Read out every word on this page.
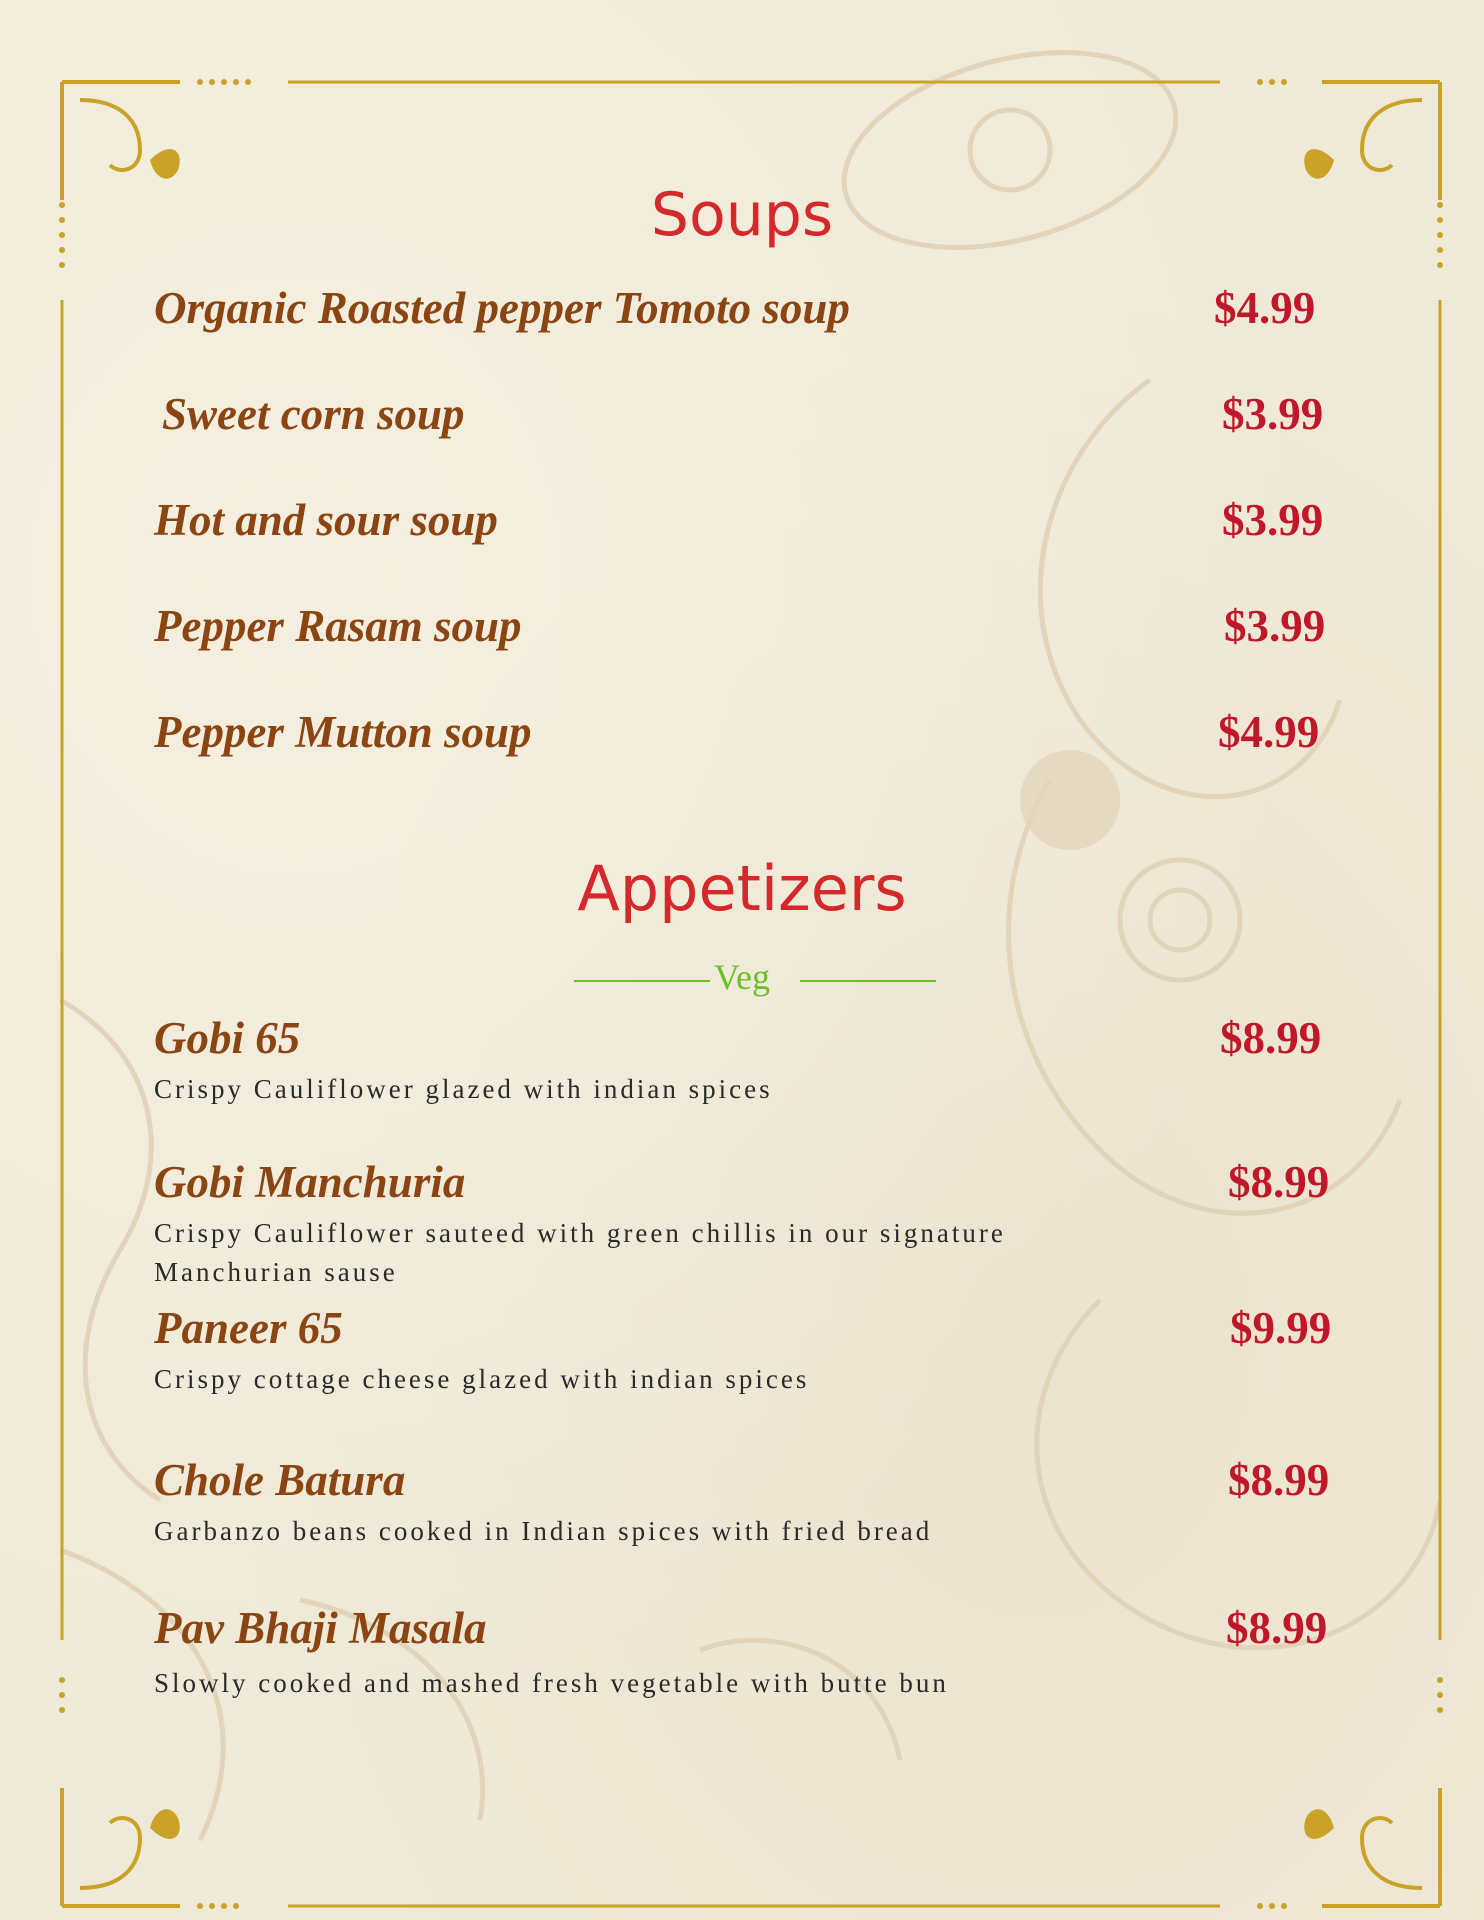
Soups
Organic Roasted pepper Tomoto soup	$4.99
Sweet corn soup	$3.99
Hot and sour soup	$3.99
Pepper Rasam soup	$3.99
Pepper Mutton soup	$4.99
Appetizers
Veg
Gobi 65	$8.99
Crispy Cauliflower glazed with indian spices
Gobi Manchuria	$8.99
Crispy Cauliflower sauteed with green chillis in our signature Manchurian sause
Paneer 65	$9.99
Crispy cottage cheese glazed with indian spices
Chole Batura	$8.99
Garbanzo beans cooked in Indian spices with fried bread
Pav Bhaji Masala	$8.99
Slowly cooked and mashed fresh vegetable with butte bun
